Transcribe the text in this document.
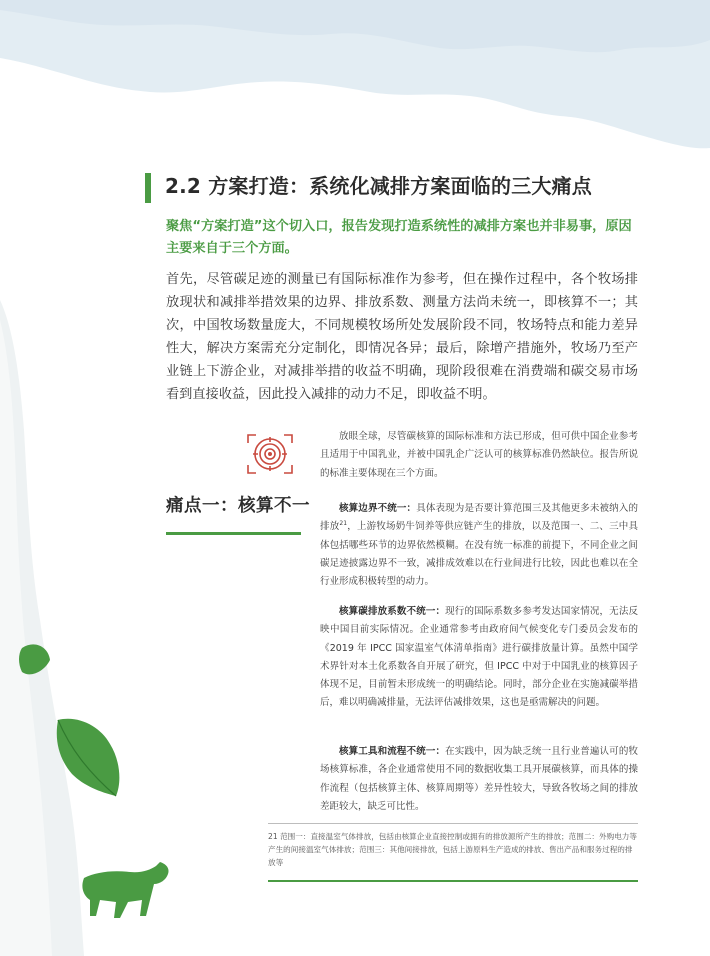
2.2 方案打造：系统化减排方案面临的三大痛点

聚焦“方案打造”这个切入口，报告发现打造系统性的减排方案也并非易事，原因主要来自于三个方面。

首先，尽管碳足迹的测量已有国际标准作为参考，但在操作过程中，各个牧场排放现状和减排举措效果的边界、排放系数、测量方法尚未统一，即核算不一；其次，中国牧场数量庞大，不同规模牧场所处发展阶段不同，牧场特点和能力差异性大，解决方案需充分定制化，即情况各异；最后，除增产措施外，牧场乃至产业链上下游企业，对减排举措的收益不明确，现阶段很难在消费端和碳交易市场看到直接收益，因此投入减排的动力不足，即收益不明。

痛点一：核算不一

放眼全球，尽管碳核算的国际标准和方法已形成，但可供中国企业参考且适用于中国乳业，并被中国乳企广泛认可的核算标准仍然缺位。报告所说的标准主要体现在三个方面。

核算边界不统一：具体表现为是否要计算范围三及其他更多未被纳入的排放$^{21}$，上游牧场奶牛饲养等供应链产生的排放，以及范围一、二、三中具体包括哪些环节的边界依然模糊。在没有统一标准的前提下，不同企业之间碳足迹披露边界不一致，减排成效难以在行业间进行比较，因此也难以在全行业形成积极转型的动力。

核算碳排放系数不统一：现行的国际系数多参考发达国家情况，无法反映中国目前实际情况。企业通常参考由政府间气候变化专门委员会发布的《2019 年 IPCC 国家温室气体清单指南》进行碳排放量计算。虽然中国学术界针对本土化系数各自开展了研究，但 IPCC 中对于中国乳业的核算因子体现不足，目前暂未形成统一的明确结论。同时，部分企业在实施减碳举措后，难以明确减排量，无法评估减排效果，这也是亟需解决的问题。

核算工具和流程不统一：在实践中，因为缺乏统一且行业普遍认可的牧场核算标准，各企业通常使用不同的数据收集工具开展碳核算，而具体的操作流程（包括核算主体、核算周期等）差异性较大，导致各牧场之间的排放差距较大，缺乏可比性。

21 范围一：直接温室气体排放，包括由核算企业直接控制或拥有的排放源所产生的排放；范围二：外购电力等产生的间接温室气体排放；范围三：其他间接排放，包括上游原料生产造成的排放、售出产品和服务过程的排放等
